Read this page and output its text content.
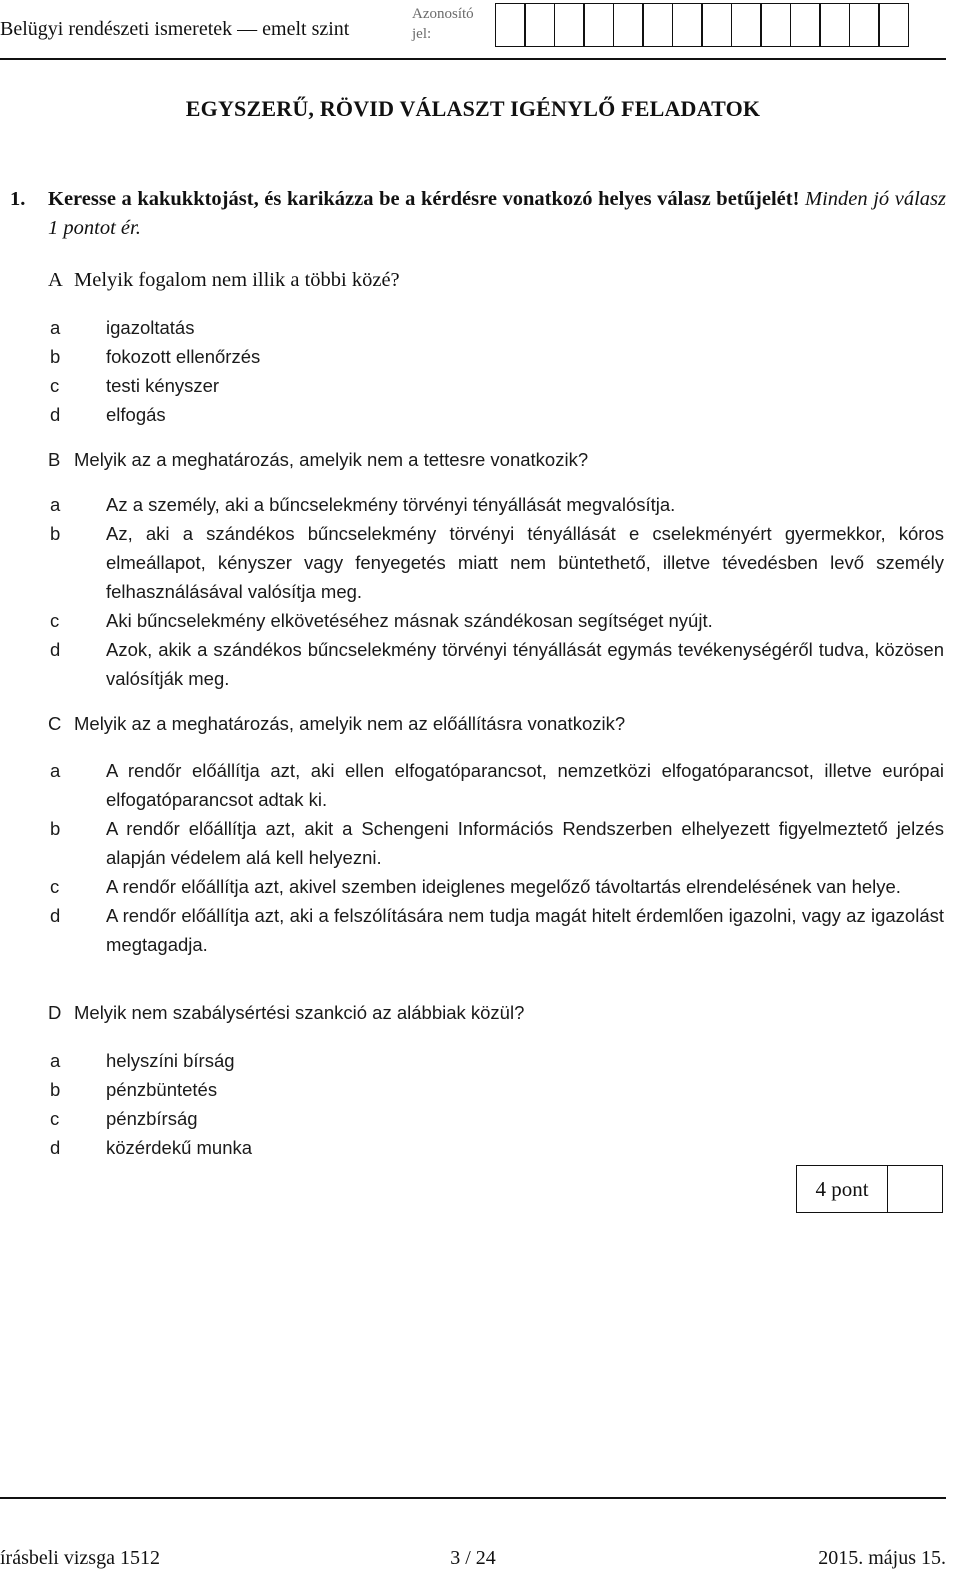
Belügyi rendészeti ismeretek — emelt szint
Azonosító jel:
EGYSZERŰ, RÖVID VÁLASZT IGÉNYLŐ FELADATOK
1. Keresse a kakukktojást, és karikázza be a kérdésre vonatkozó helyes válasz betűjelét! Minden jó válasz 1 pontot ér.
A Melyik fogalom nem illik a többi közé?
a igazoltatás
b fokozott ellenőrzés
c	testi kényszer
d elfogás
B Melyik az a meghatározás, amelyik nem a tettesre vonatkozik?
a Az a személy, aki a bűncselekmény törvényi tényállását megvalósítja.
b Az, aki a szándékos bűncselekmény törvényi tényállását e cselekményért gyermekkor, kóros elmeállapot, kényszer vagy fenyegetés miatt nem büntethető, illetve tévedésben levő személy felhasználásával valósítja meg.
c	Aki bűncselekmény elkövetéséhez másnak szándékosan segítséget nyújt.
d Azok, akik a szándékos bűncselekmény törvényi tényállását egymás tevékenységéről tudva, közösen valósítják meg.
C Melyik az a meghatározás, amelyik nem az előállításra vonatkozik?
a A rendőr előállítja azt, aki ellen elfogatóparancsot, nemzetközi elfogatóparancsot, illetve európai elfogatóparancsot adtak ki.
b A rendőr előállítja azt, akit a Schengeni Információs Rendszerben elhelyezett figyelmeztető jelzés alapján védelem alá kell helyezni.
c	A rendőr előállítja azt, akivel szemben ideiglenes megelőző távoltartás elrendelésének van helye.
d A rendőr előállítja azt, aki a felszólítására nem tudja magát hitelt érdemlően igazolni, vagy az igazolást megtagadja.
D Melyik nem szabálysértési szankció az alábbiak közül?
a helyszíni bírság
b pénzbüntetés
c	pénzbírság
d közérdekű munka
4 pont
írásbeli vizsga 1512	3 / 24	2015. május 15.
